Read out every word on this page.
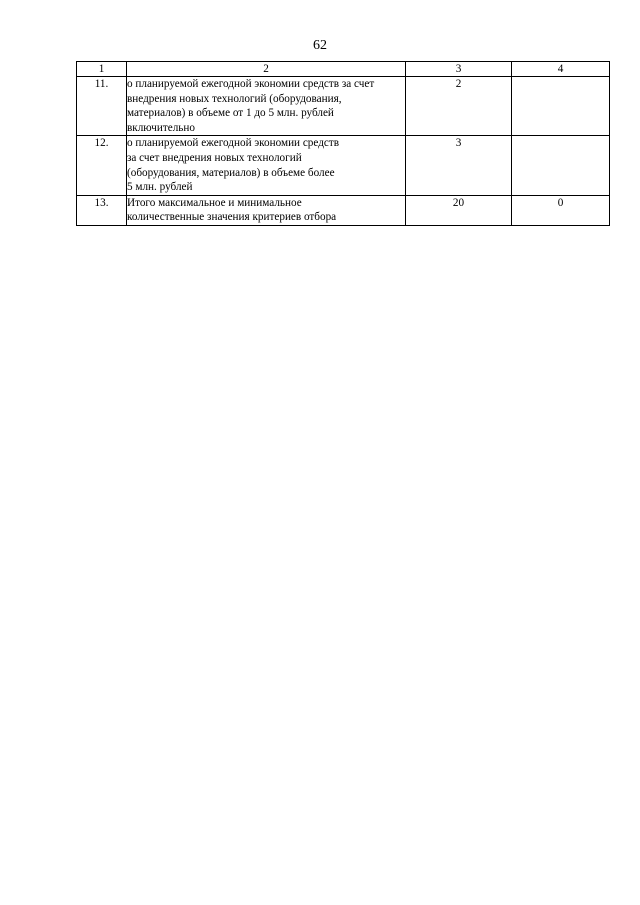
62
1	2	3	4
11.	о планируемой ежегодной экономии средств за счет внедрения новых технологий (оборудования, материалов) в объеме от 1 до 5 млн. рублей включительно	2	
12.	о планируемой ежегодной экономии средств за счет внедрения новых технологий (оборудования, материалов) в объеме более 5 млн. рублей	3	
13.	Итого максимальное и минимальное количественные значения критериев отбора	20	0
